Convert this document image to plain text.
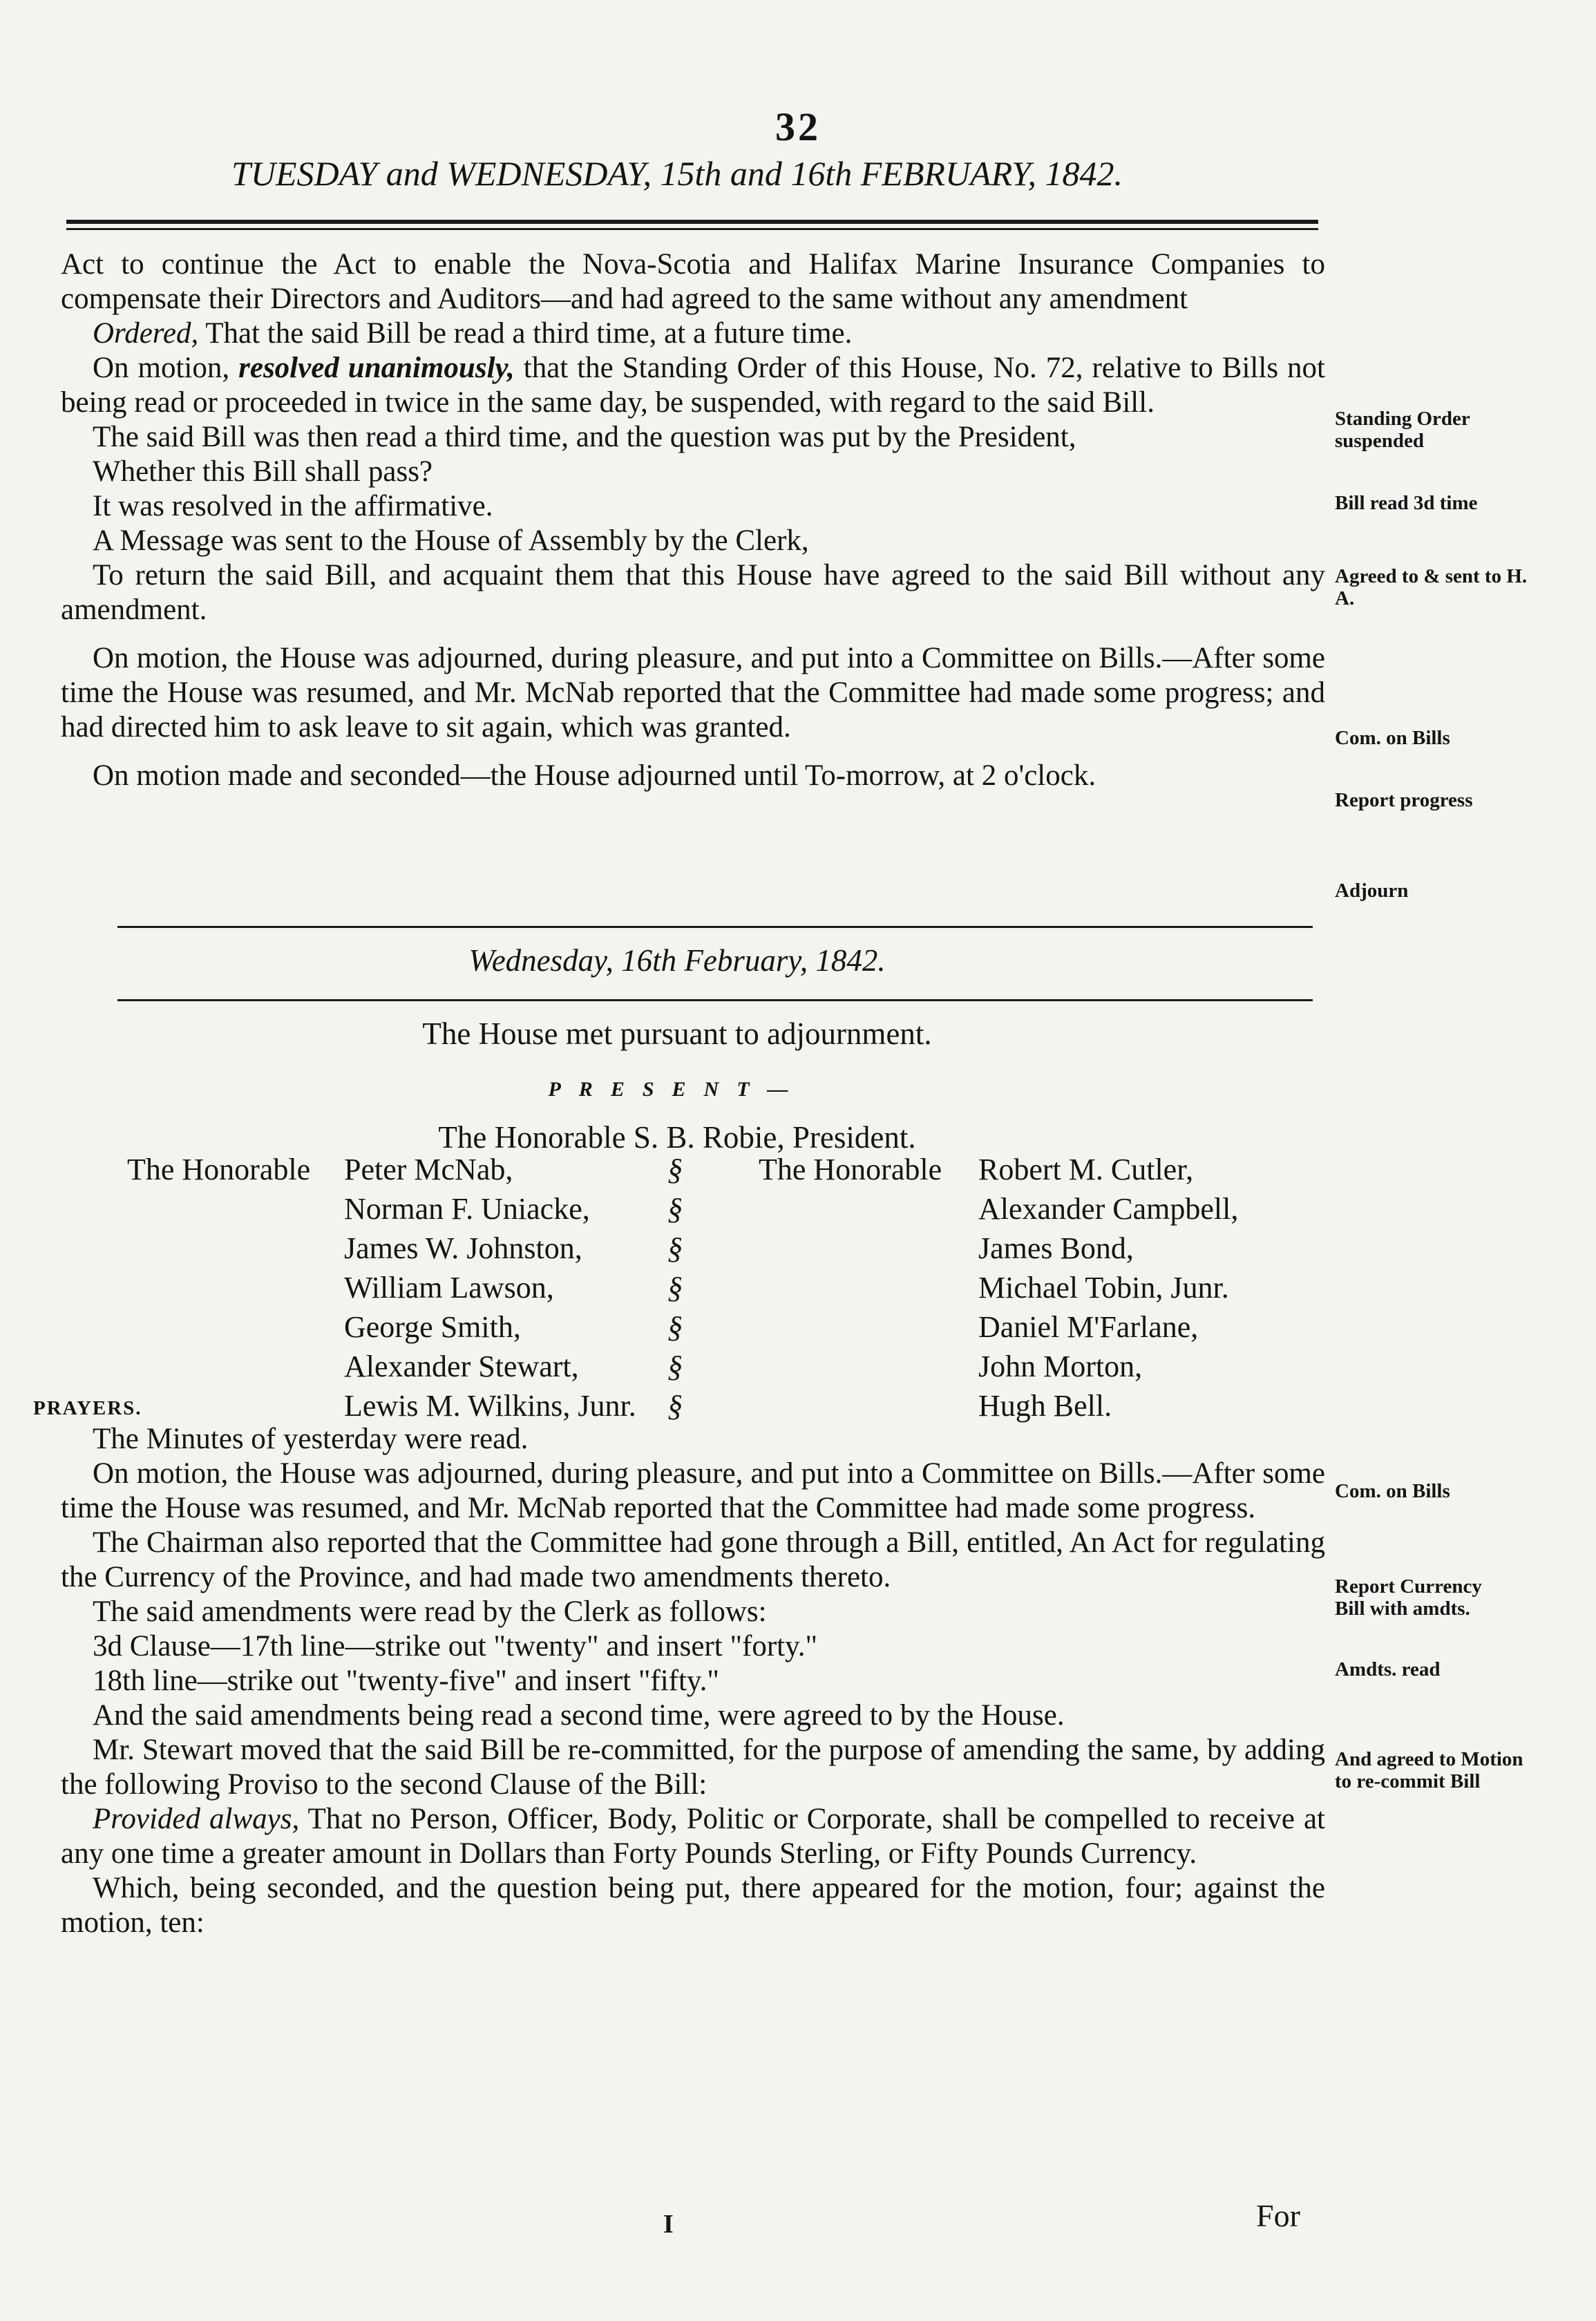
32
TUESDAY and WEDNESDAY, 15th and 16th FEBRUARY, 1842.

Act to continue the Act to enable the Nova-Scotia and Halifax Marine Insurance Companies to compensate their Directors and Auditors—and had agreed to the same without any amendment

Ordered, That the said Bill be read a third time, at a future time.

On motion, resolved unanimously, that the Standing Order of this House, No. 72, relative to Bills not being read or proceeded in twice in the same day, be suspended, with regard to the said Bill.

The said Bill was then read a third time, and the question was put by the President,

Whether this Bill shall pass?

It was resolved in the affirmative.

A Message was sent to the House of Assembly by the Clerk,

To return the said Bill, and acquaint them that this House have agreed to the said Bill without any amendment.

On motion, the House was adjourned, during pleasure, and put into a Committee on Bills.—After some time the House was resumed, and Mr. McNab reported that the Committee had made some progress; and had directed him to ask leave to sit again, which was granted.

On motion made and seconded—the House adjourned until To-morrow, at 2 o'clock.

Standing Order suspended
Bill read 3d time
Agreed to & sent to H. A.
Com. on Bills
Report progress
Adjourn
Wednesday, 16th February, 1842.
The House met pursuant to adjournment.
PRESENT—
The Honorable S. B. Robie, President.
The Honorable Peter McNab,
Norman F. Uniacke,
James W. Johnston,
William Lawson,
George Smith,
Alexander Stewart,
Lewis M. Wilkins, Junr.
§
§
§
§
§
§
§
The Honorable Robert M. Cutler,
Alexander Campbell,
James Bond,
Michael Tobin, Junr.
Daniel M'Farlane,
John Morton,
Hugh Bell.
PRAYERS.

The Minutes of yesterday were read.

On motion, the House was adjourned, during pleasure, and put into a Committee on Bills.—After some time the House was resumed, and Mr. McNab reported that the Committee had made some progress.

The Chairman also reported that the Committee had gone through a Bill, entitled, An Act for regulating the Currency of the Province, and had made two amendments thereto.

The said amendments were read by the Clerk as follows:

3d Clause—17th line—strike out "twenty" and insert "forty."

18th line—strike out "twenty-five" and insert "fifty."

And the said amendments being read a second time, were agreed to by the House.

Mr. Stewart moved that the said Bill be re-committed, for the purpose of amending the same, by adding the following Proviso to the second Clause of the Bill:

Provided always, That no Person, Officer, Body, Politic or Corporate, shall be compelled to receive at any one time a greater amount in Dollars than Forty Pounds Sterling, or Fifty Pounds Currency.

Which, being seconded, and the question being put, there appeared for the motion, four; against the motion, ten:

Com. on Bills
Report Currency Bill with amdts.
Amdts. read
And agreed to Motion to re-commit Bill
I	For
